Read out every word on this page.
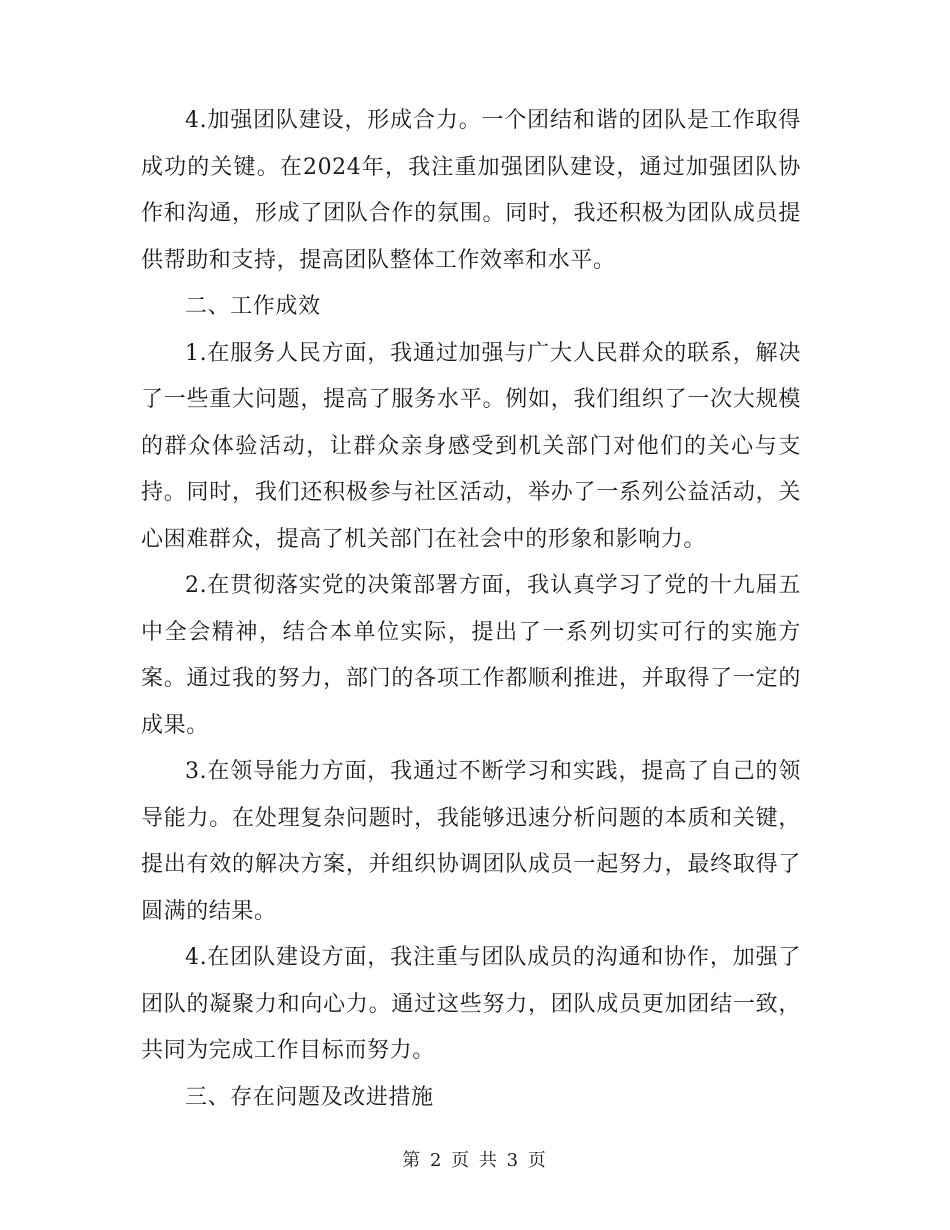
4.加强团队建设，形成合力。一个团结和谐的团队是工作取得成功的关键。在2024年，我注重加强团队建设，通过加强团队协作和沟通，形成了团队合作的氛围。同时，我还积极为团队成员提供帮助和支持，提高团队整体工作效率和水平。

二、工作成效

1.在服务人民方面，我通过加强与广大人民群众的联系，解决了一些重大问题，提高了服务水平。例如，我们组织了一次大规模的群众体验活动，让群众亲身感受到机关部门对他们的关心与支持。同时，我们还积极参与社区活动，举办了一系列公益活动，关心困难群众，提高了机关部门在社会中的形象和影响力。

2.在贯彻落实党的决策部署方面，我认真学习了党的十九届五中全会精神，结合本单位实际，提出了一系列切实可行的实施方案。通过我的努力，部门的各项工作都顺利推进，并取得了一定的成果。

3.在领导能力方面，我通过不断学习和实践，提高了自己的领导能力。在处理复杂问题时，我能够迅速分析问题的本质和关键，提出有效的解决方案，并组织协调团队成员一起努力，最终取得了圆满的结果。

4.在团队建设方面，我注重与团队成员的沟通和协作，加强了团队的凝聚力和向心力。通过这些努力，团队成员更加团结一致，共同为完成工作目标而努力。

三、存在问题及改进措施

第 2 页 共 3 页
